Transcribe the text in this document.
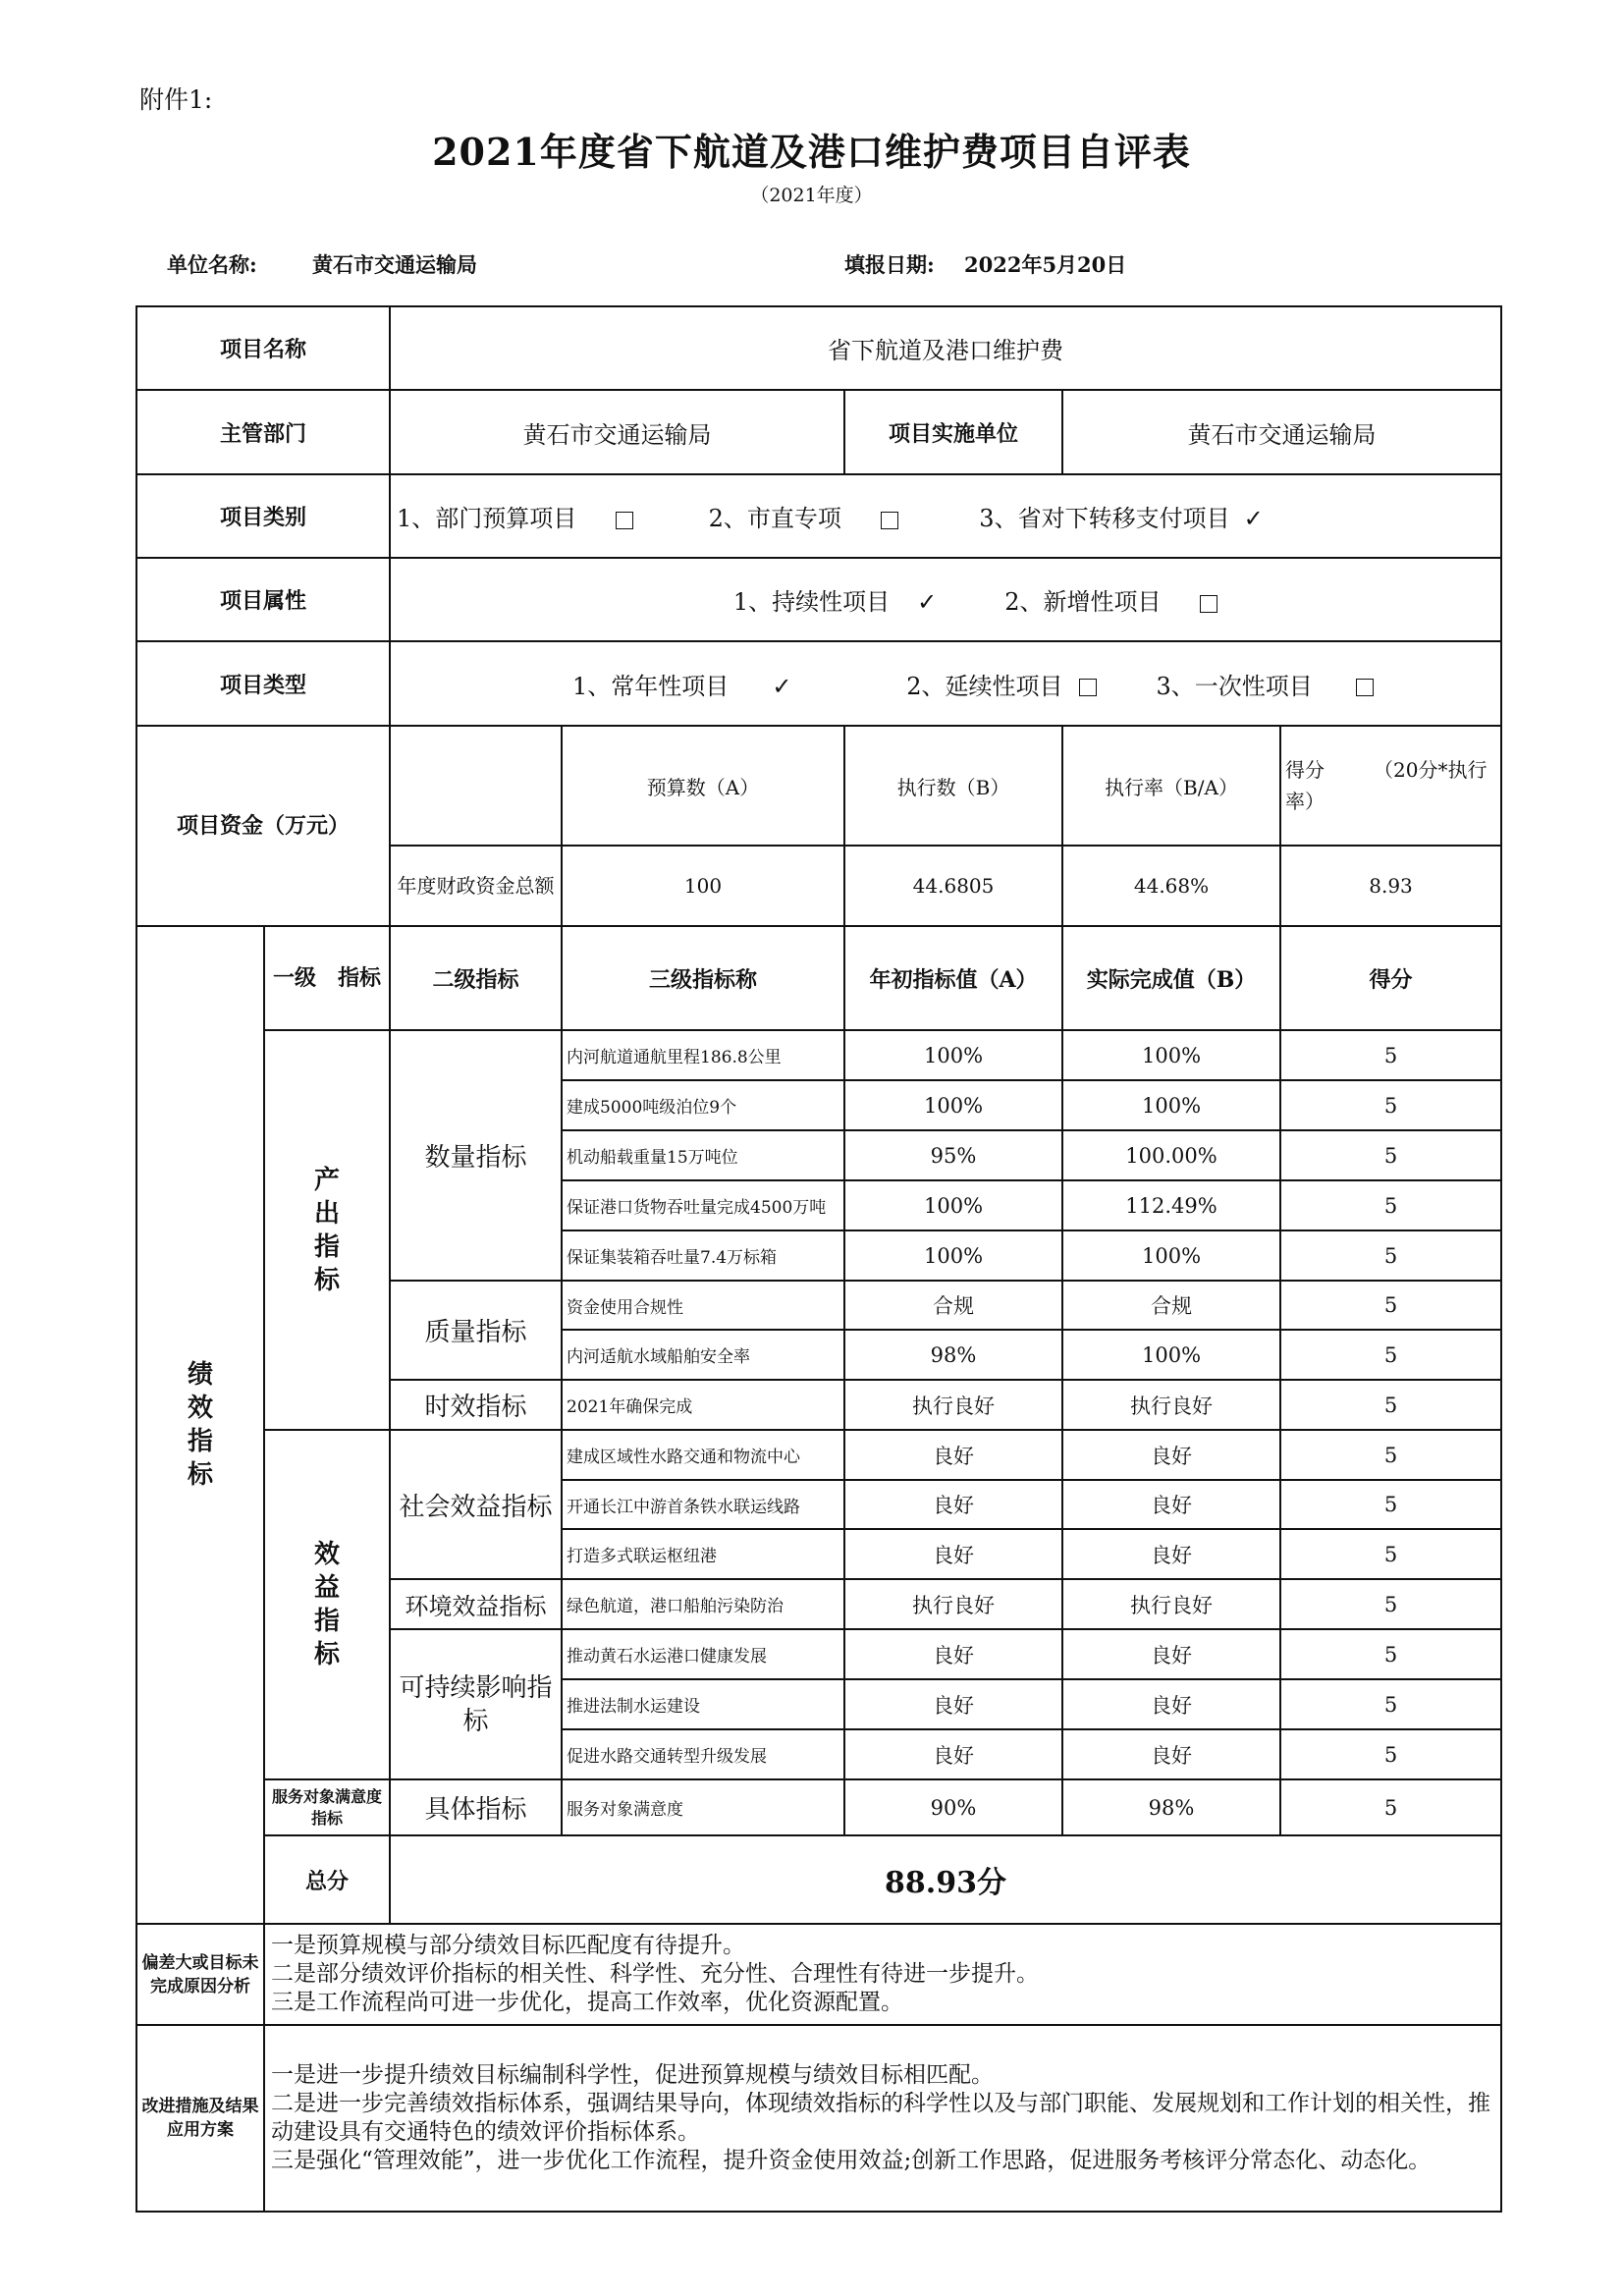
附件1:
2021年度省下航道及港口维护费项目自评表
（2021年度）
单位名称:	黄石市交通运输局	填报日期: 2022年5月20日
项目名称		省下航道及港口维护费				
主管部门		黄石市交通运输局		项目实施单位	黄石市交通运输局	
项目类别		1、部门预算项目 2、市直专项 3、省对下转移支付项目 ✓				
项目属性		1、持续性项目 ✓ 2、新增性项目				
项目类型		1、常年性项目 ✓ 2、延续性项目 3、一次性项目				
项目资金（万元）			预算数（A）	执行数（B）	执行率（B/A）	得分　　　（20分*执行率）
		年度财政资金总额	100	44.6805	44.68%	8.93
绩效指标	一级　指标	二级指标	三级指标称	年初指标值（A）	实际完成值（B）	得分
	产出指标	数量指标	内河航道通航里程186.8公里	100%	100%	5
			建成5000吨级泊位9个	100%	100%	5
			机动船载重量15万吨位	95%	100.00%	5
			保证港口货物吞吐量完成4500万吨	100%	112.49%	5
			保证集装箱吞吐量7.4万标箱	100%	100%	5
		质量指标	资金使用合规性	合规	合规	5
			内河适航水域船舶安全率	98%	100%	5
		时效指标	2021年确保完成	执行良好	执行良好	5
	效益指标	社会效益指标	建成区域性水路交通和物流中心	良好	良好	5
			开通长江中游首条铁水联运线路	良好	良好	5
			打造多式联运枢纽港	良好	良好	5
		环境效益指标	绿色航道，港口船舶污染防治	执行良好	执行良好	5
		可持续影响指标	推动黄石水运港口健康发展	良好	良好	5
			推进法制水运建设	良好	良好	5
			促进水路交通转型升级发展	良好	良好	5
	服务对象满意度指标	具体指标	服务对象满意度	90%	98%	5
	总分	88.93分				
偏差大或目标未完成原因分析	一是预算规模与部分绩效目标匹配度有待提升。
二是部分绩效评价指标的相关性、科学性、充分性、合理性有待进一步提升。
三是工作流程尚可进一步优化，提高工作效率，优化资源配置。					

改进措施及结果应用方案	一是进一步提升绩效目标编制科学性，促进预算规模与绩效目标相匹配。
二是进一步完善绩效指标体系，强调结果导向，体现绩效指标的科学性以及与部门职能、发展规划和工作计划的相关性，推动建设具有交通特色的绩效评价指标体系。
三是强化“管理效能”，进一步优化工作流程，提升资金使用效益;创新工作思路，促进服务考核评分常态化、动态化。					
